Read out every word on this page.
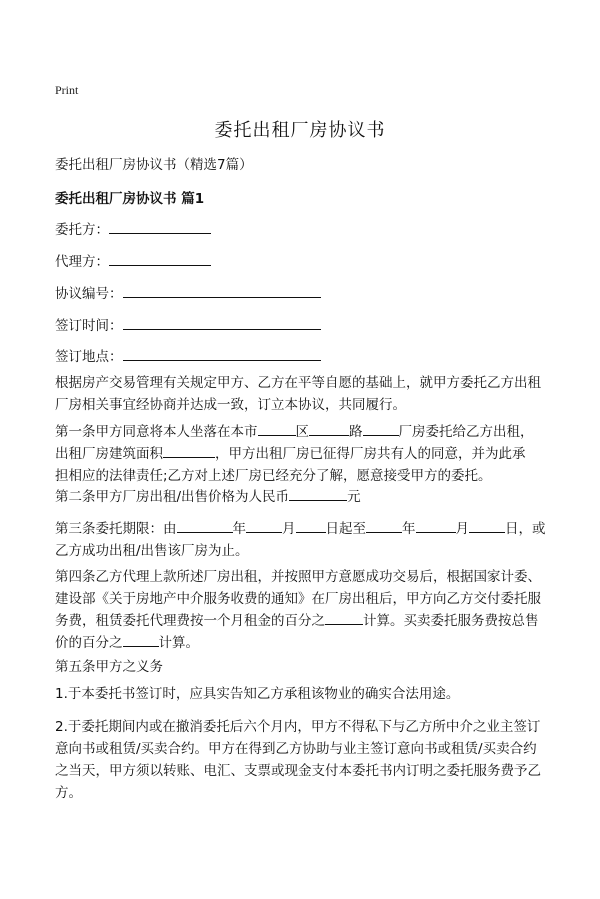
Print
委托出租厂房协议书
委托出租厂房协议书（精选7篇）
委托出租厂房协议书 篇1
委托方：
代理方：
协议编号：
签订时间：
签订地点：
根据房产交易管理有关规定甲方、乙方在平等自愿的基础上，就甲方委托乙方出租
厂房相关事宜经协商并达成一致，订立本协议，共同履行。
第一条甲方同意将本人坐落在本市	区	路	厂房委托给乙方出租，
出租厂房建筑面积	，甲方出租厂房已征得厂房共有人的同意，并为此承
担相应的法律责任;乙方对上述厂房已经充分了解，愿意接受甲方的委托。
第二条甲方厂房出租/出售价格为人民币	元
第三条委托期限：由	年	月 日起至	年	月	日，或
乙方成功出租/出售该厂房为止。
第四条乙方代理上款所述厂房出租，并按照甲方意愿成功交易后，根据国家计委、
建设部《关于房地产中介服务收费的通知》在厂房出租后，甲方向乙方交付委托服
务费，租赁委托代理费按一个月租金的百分之	计算。买卖委托服务费按总售
价的百分之	计算。
第五条甲方之义务
1.于本委托书签订时，应具实告知乙方承租该物业的确实合法用途。
2.于委托期间内或在撤消委托后六个月内，甲方不得私下与乙方所中介之业主签订
意向书或租赁/买卖合约。甲方在得到乙方协助与业主签订意向书或租赁/买卖合约
之当天，甲方须以转账、电汇、支票或现金支付本委托书内订明之委托服务费予乙
方。
